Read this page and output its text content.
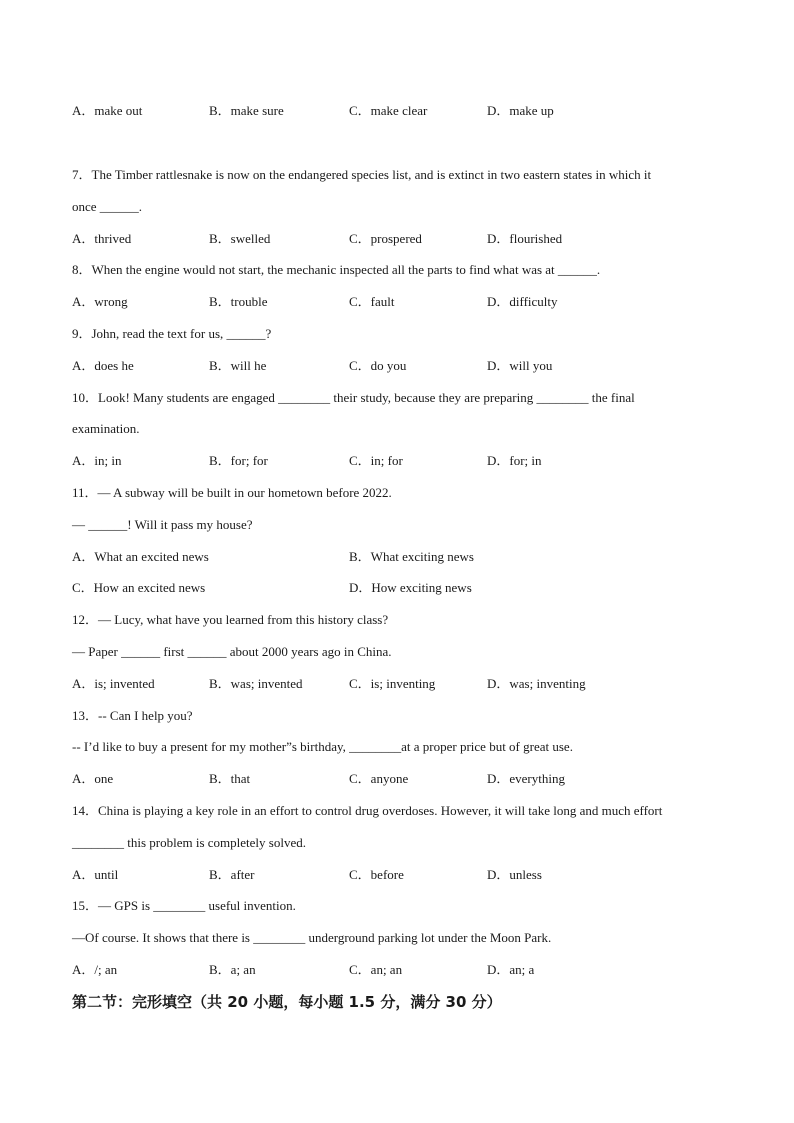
A．make out	B．make sure	C．make clear	D．make up
7．The Timber rattlesnake is now on the endangered species list, and is extinct in two eastern states in which it
once ______.
A．thrived	B．swelled	C．prospered	D．flourished
8．When the engine would not start, the mechanic inspected all the parts to find what was at ______.
A．wrong	B．trouble	C．fault	D．difficulty
9．John, read the text for us, ______?
A．does he	B．will he	C．do you	D．will you
10．Look! Many students are engaged ________ their study, because they are preparing ________ the final
examination.
A．in; in	B．for; for	C．in; for	D．for; in
11．— A subway will be built in our hometown before 2022.
— ______! Will it pass my house?
A．What an excited news	B．What exciting news
C．How an excited news	D．How exciting news
12．— Lucy, what have you learned from this history class?
— Paper ______ first ______ about 2000 years ago in China.
A．is; invented	B．was; invented	C．is; inventing	D．was; inventing
13．-- Can I help you?
-- I’d like to buy a present for my mother”s birthday, ________at a proper price but of great use.
A．one	B．that	C．anyone	D．everything
14．China is playing a key role in an effort to control drug overdoses. However, it will take long and much effort
________ this problem is completely solved.
A．until	B．after	C．before	D．unless
15．— GPS is ________ useful invention.
—Of course. It shows that there is ________ underground parking lot under the Moon Park.
A．/; an	B．a; an	C．an; an	D．an; a
第二节：完形填空（共 20 小题，每小题 1.5 分，满分 30 分）
